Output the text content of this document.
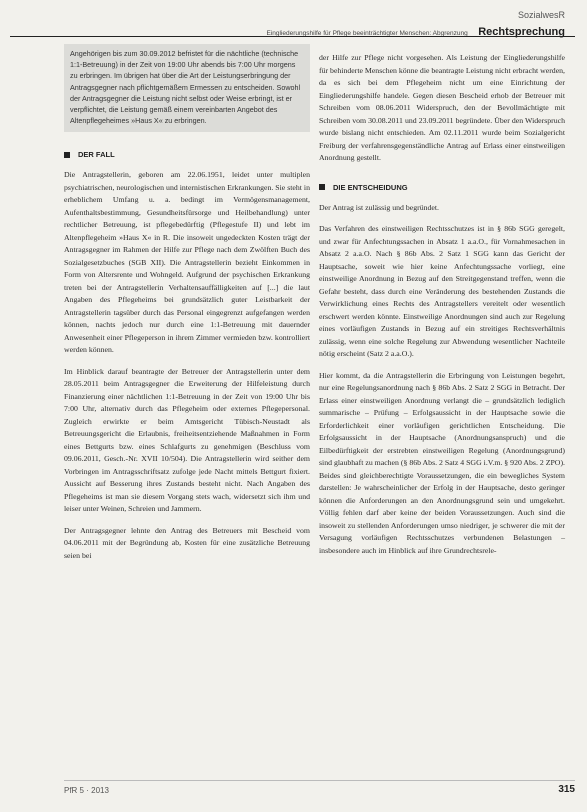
SozialwesR
Eingliederungshilfe für Pflege beeinträchtigter Menschen: Abgrenzung Rechtsprechung
Angehörigen bis zum 30.09.2012 befristet für die nächtliche (technische 1:1-Betreuung) in der Zeit von 19:00 Uhr abends bis 7:00 Uhr morgens zu erbringen. Im übrigen hat über die Art der Leistungserbringung der Antragsgegner nach pflichtgemäßem Ermessen zu entscheiden. Sowohl der Antragsgegner die Leistung nicht selbst oder Weise erbringt, ist er verpflichtet, die Leistung gemäß einem vereinbarten Angebot des Altenpflegeheimes »Haus X« zu erbringen.
DER FALL

Die Antragstellerin, geboren am 22.06.1951, leidet unter multiplen psychiatrischen, neurologischen und internistischen Erkrankungen. Sie steht in erheblichem Umfang u. a. bedingt im Vermögensmanagement, Aufenthaltsbestimmung, Gesundheitsfürsorge und Heilbehandlung) unter rechtlicher Betreuung, ist pflegebedürftig (Pflegestufe II) und lebt im Altenpflegeheim »Haus X« in R. Die insoweit ungedeckten Kosten trägt der Antragsgegner im Rahmen der Hilfe zur Pflege nach dem Zwölften Buch des Sozialgesetzbuches (SGB XII). Die Antragstellerin bezieht Einkommen in Form von Altersrente und Wohngeld. Aufgrund der psychischen Erkrankung treten bei der Antragstellerin Verhaltensauffälligkeiten auf [...] die laut Angaben des Pflegeheims bei grundsätzlich guter Leistbarkeit der Antragstellerin tagsüber durch das Personal eingegrenzt aufgefangen werden können, nachts jedoch nur durch eine 1:1-Betreuung mit dauernder Anwesenheit einer Pflegeperson in ihrem Zimmer vermieden bzw. kontrolliert werden können.

Im Hinblick darauf beantragte der Betreuer der Antragstellerin unter dem 28.05.2011 beim Antragsgegner die Erweiterung der Hilfeleistung durch Finanzierung einer nächtlichen 1:1-Betreuung in der Zeit von 19:00 Uhr bis 7:00 Uhr, alternativ durch das Pflegeheim oder externes Pflegepersonal. Zugleich erwirkte er beim Amtsgericht Tübisch-Neustadt als Betreuungsgericht die Erlaubnis, freiheitsentziehende Maßnahmen in Form eines Bettgurts bzw. eines Schlafgurts zu genehmigen (Beschluss vom 09.06.2011, Gesch.-Nr. XVII 10/504). Die Antragstellerin wird seither dem Vorbringen im Antragsschriftsatz zufolge jede Nacht mittels Bettgurt fixiert. Aussicht auf Besserung ihres Zustands besteht nicht. Nach Angaben des Pflegeheims ist man sie diesem Vorgang stets wach, widersetzt sich ihm und leiser unter Weinen, Schreien und Jammern.

Der Antragsgegner lehnte den Antrag des Betreuers mit Bescheid vom 04.06.2011 mit der Begründung ab, Kosten für eine zusätzliche Betreuung seien bei

der Hilfe zur Pflege nicht vorgesehen. Als Leistung der Eingliederungshilfe für behinderte Menschen könne die beantragte Leistung nicht erbracht werden, da es sich bei dem Pflegeheim nicht um eine Einrichtung der Eingliederungshilfe handele. Gegen diesen Bescheid erhob der Betreuer mit Schreiben vom 08.06.2011 Widerspruch, den der Bevollmächtigte mit Schreiben vom 30.08.2011 und 23.09.2011 begründete. Über den Widerspruch wurde bislang nicht entschieden. Am 02.11.2011 wurde beim Sozialgericht Freiburg der verfahrensgegenständliche Antrag auf Erlass einer einstweiligen Anordnung gestellt.

DIE ENTSCHEIDUNG

Der Antrag ist zulässig und begründet.

Das Verfahren des einstweiligen Rechtsschutzes ist in § 86b SGG geregelt, und zwar für Anfechtungssachen in Absatz 1 a.a.O., für Vornahmesachen in Absatz 2 a.a.O. Nach § 86b Abs. 2 Satz 1 SGG kann das Gericht der Hauptsache, soweit wie hier keine Anfechtungssache vorliegt, eine einstweilige Anordnung in Bezug auf den Streitgegenstand treffen, wenn die Gefahr besteht, dass durch eine Veränderung des bestehenden Zustands die Verwirklichung eines Rechts des Antragstellers vereitelt oder wesentlich erschwert werden könnte. Einstweilige Anordnungen sind auch zur Regelung eines vorläufigen Zustands in Bezug auf ein streitiges Rechtsverhältnis zulässig, wenn eine solche Regelung zur Abwendung wesentlicher Nachteile nötig erscheint (Satz 2 a.a.O.).

Hier kommt, da die Antragstellerin die Erbringung von Leistungen begehrt, nur eine Regelungsanordnung nach § 86b Abs. 2 Satz 2 SGG in Betracht. Der Erlass einer einstweiligen Anordnung verlangt die – grundsätzlich lediglich summarische – Prüfung – Erfolgsaussicht in der Hauptsache sowie die Erforderlichkeit einer vorläufigen gerichtlichen Entscheidung. Die Erfolgsaussicht in der Hauptsache (Anordnungsanspruch) und die Eilbedürftigkeit der erstrebten einstweiligen Regelung (Anordnungsgrund) sind glaubhaft zu machen (§ 86b Abs. 2 Satz 4 SGG i.V.m. § 920 Abs. 2 ZPO). Beides sind gleichberechtigte Voraussetzungen, die ein bewegliches System darstellen: Je wahrscheinlicher der Erfolg in der Hauptsache, desto geringer können die Anforderungen an den Anordnungsgrund sein und umgekehrt. Völlig fehlen darf aber keine der beiden Voraussetzungen. Auch sind die insoweit zu stellenden Anforderungen umso niedriger, je schwerer die mit der Versagung vorläufigen Rechtsschutzes verbundenen Belastungen – insbesondere auch im Hinblick auf ihre Grundrechtsrele-

PfR 5 · 2013	315
